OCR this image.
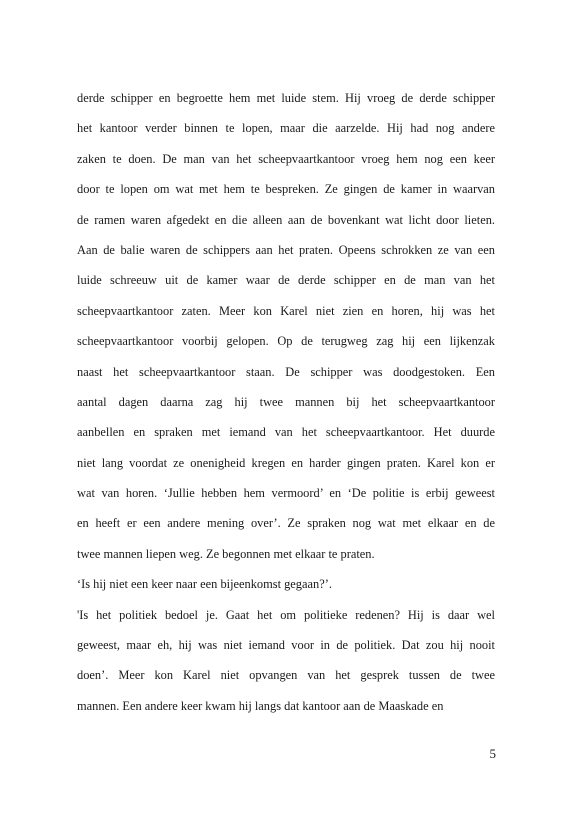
derde schipper en begroette hem met luide stem. Hij vroeg de derde schipper
het kantoor verder binnen te lopen, maar die aarzelde. Hij had nog andere
zaken te doen. De man van het scheepvaartkantoor vroeg hem nog een keer
door te lopen om wat met hem te bespreken. Ze gingen de kamer in waarvan
de ramen waren afgedekt en die alleen aan de bovenkant wat licht door lieten.
Aan de balie waren de schippers aan het praten. Opeens schrokken ze van een
luide schreeuw uit de kamer waar de derde schipper en de man van het
scheepvaartkantoor zaten. Meer kon Karel niet zien en horen, hij was het
scheepvaartkantoor voorbij gelopen. Op de terugweg zag hij een lijkenzak
naast het scheepvaartkantoor staan. De schipper was doodgestoken. Een
aantal dagen daarna zag hij twee mannen bij het scheepvaartkantoor
aanbellen en spraken met iemand van het scheepvaartkantoor. Het duurde
niet lang voordat ze onenigheid kregen en harder gingen praten. Karel kon er
wat van horen. ‘Jullie hebben hem vermoord’ en ‘De politie is erbij geweest
en heeft er een andere mening over’. Ze spraken nog wat met elkaar en de
twee mannen liepen weg. Ze begonnen met elkaar te praten.
‘Is hij niet een keer naar een bijeenkomst gegaan?’.
'Is het politiek bedoel je. Gaat het om politieke redenen? Hij is daar wel
geweest, maar eh, hij was niet iemand voor in de politiek. Dat zou hij nooit
doen’. Meer kon Karel niet opvangen van het gesprek tussen de twee
mannen. Een andere keer kwam hij langs dat kantoor aan de Maaskade en
5
